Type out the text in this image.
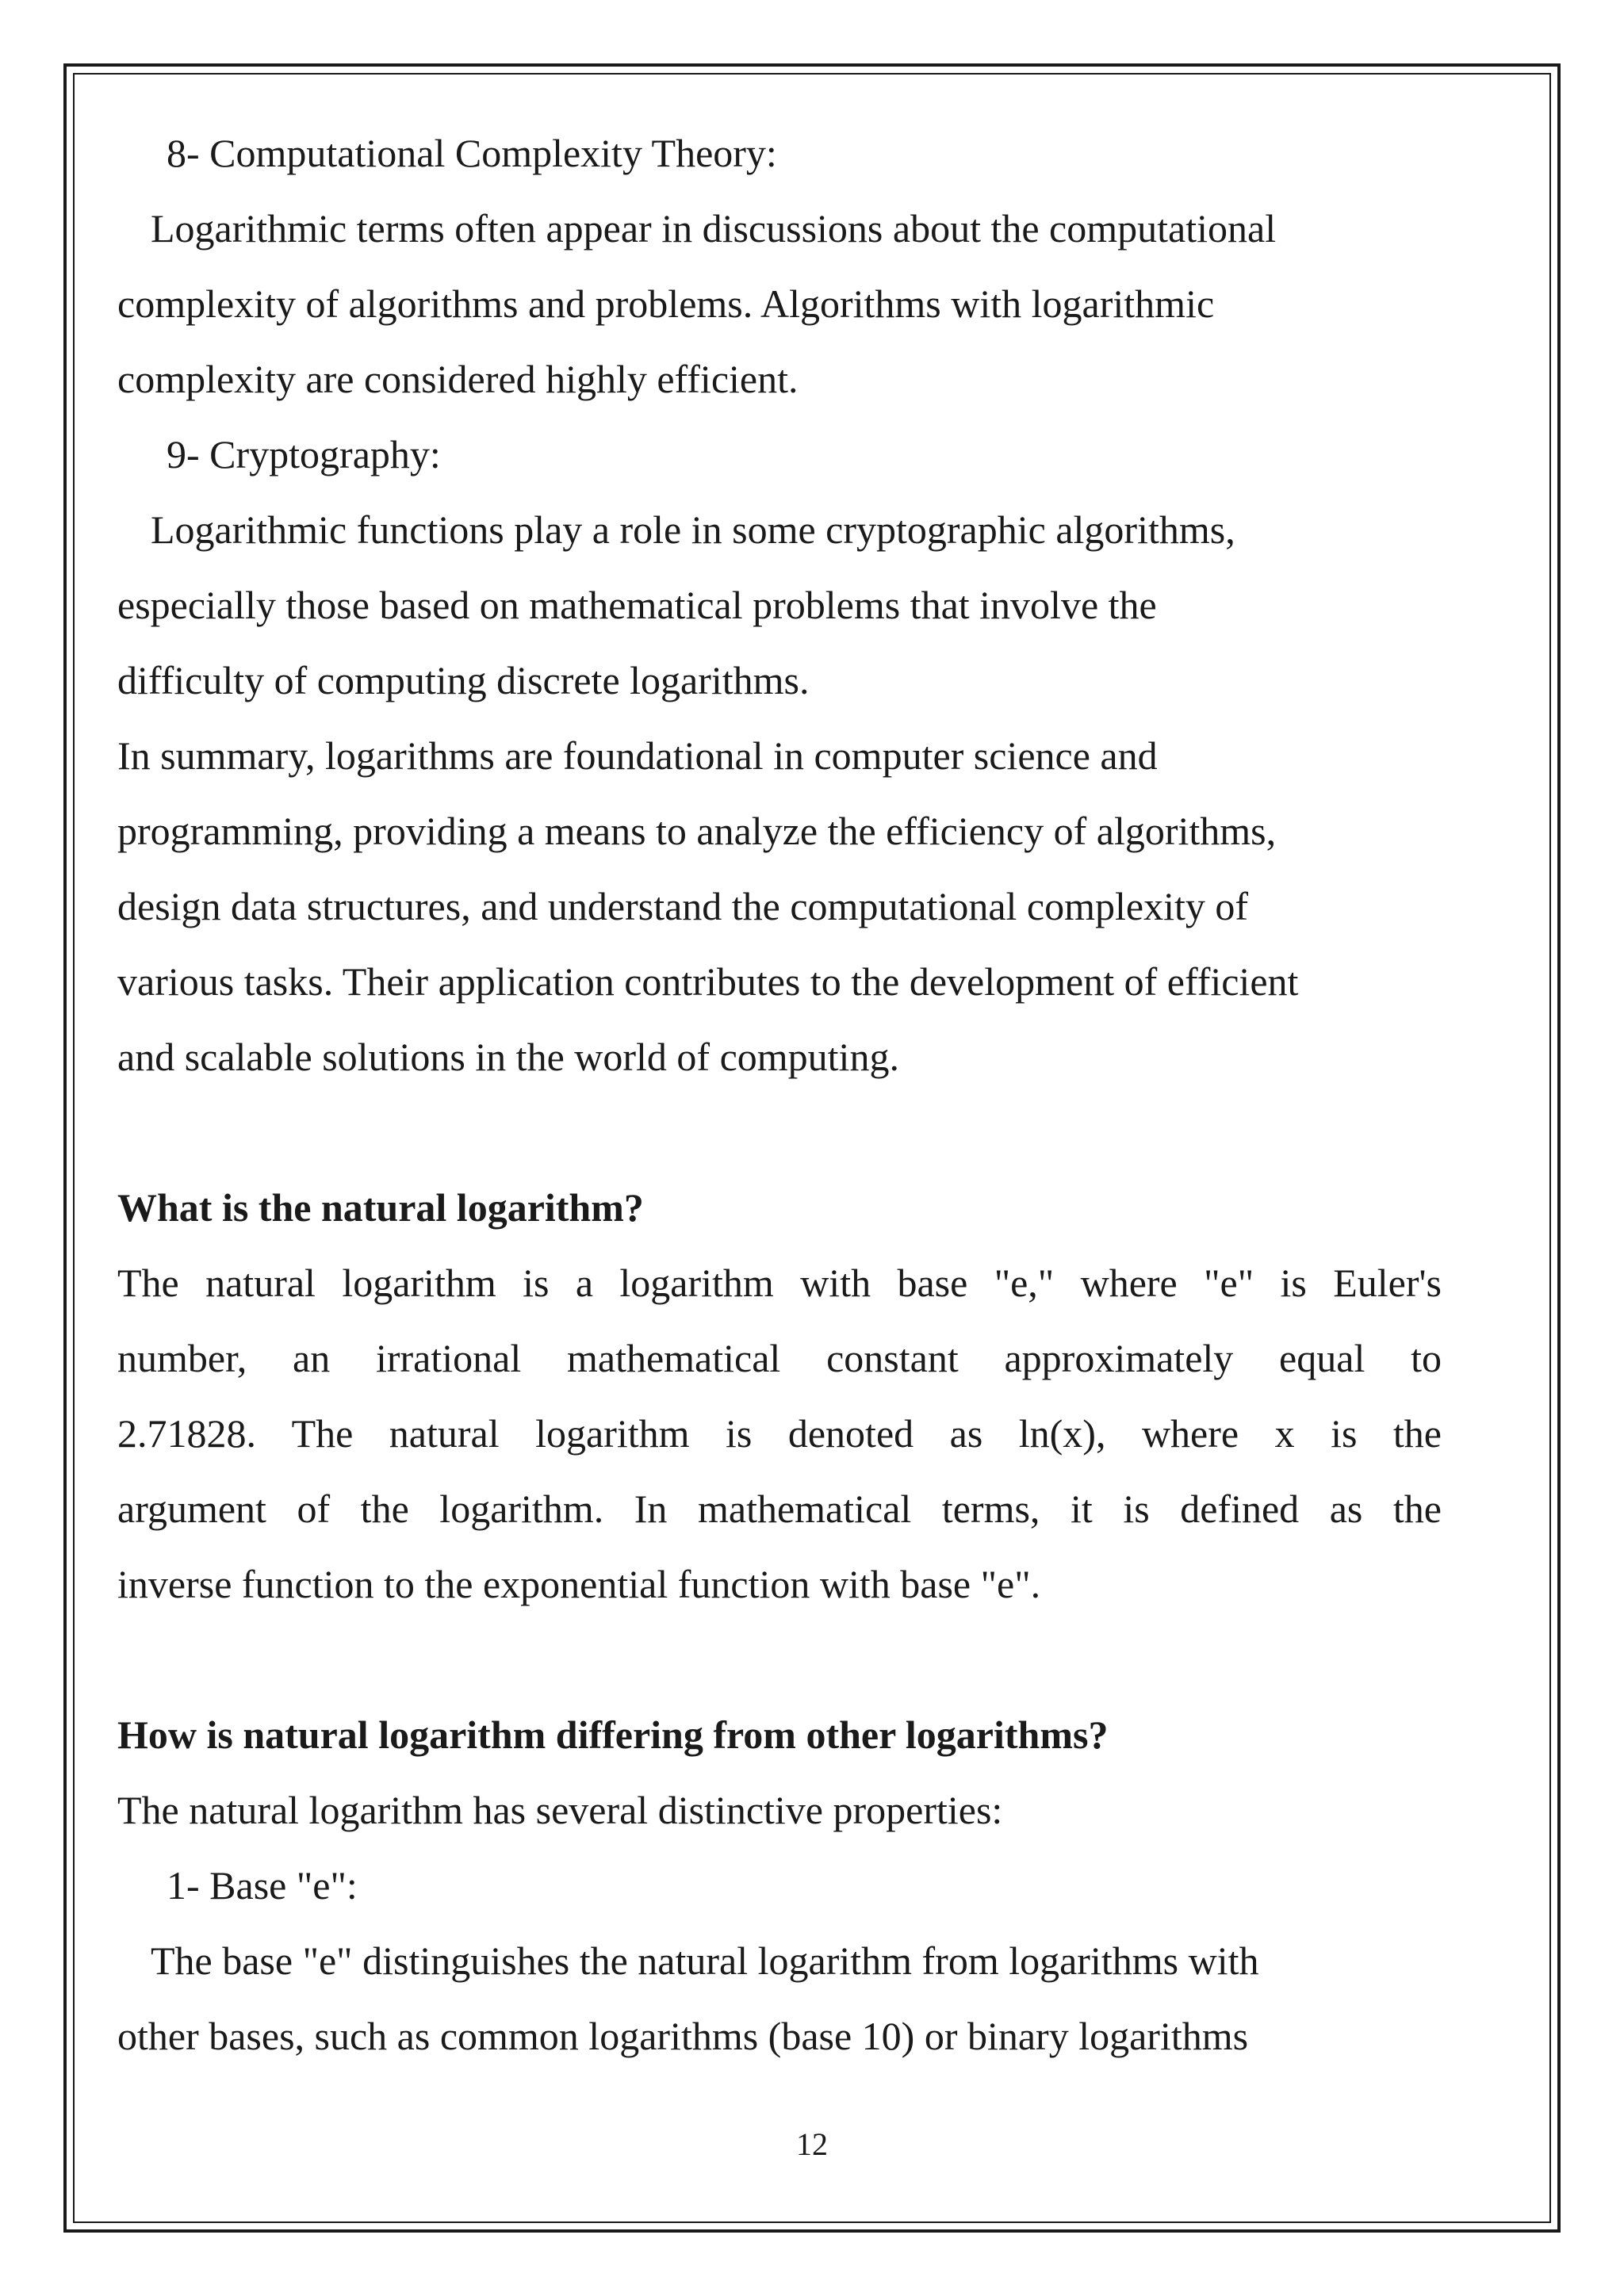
8- Computational Complexity Theory:
Logarithmic terms often appear in discussions about the computational
complexity of algorithms and problems. Algorithms with logarithmic
complexity are considered highly efficient.
9- Cryptography:
Logarithmic functions play a role in some cryptographic algorithms,
especially those based on mathematical problems that involve the
difficulty of computing discrete logarithms.
In summary, logarithms are foundational in computer science and
programming, providing a means to analyze the efficiency of algorithms,
design data structures, and understand the computational complexity of
various tasks. Their application contributes to the development of efficient
and scalable solutions in the world of computing.
What is the natural logarithm?
The natural logarithm is a logarithm with base "e," where "e" is Euler's
number, an irrational mathematical constant approximately equal to
2.71828. The natural logarithm is denoted as ln(x), where x is the
argument of the logarithm. In mathematical terms, it is defined as the
inverse function to the exponential function with base "e".
How is natural logarithm differing from other logarithms?
The natural logarithm has several distinctive properties:
1- Base "e":
The base "e" distinguishes the natural logarithm from logarithms with
other bases, such as common logarithms (base 10) or binary logarithms
12
